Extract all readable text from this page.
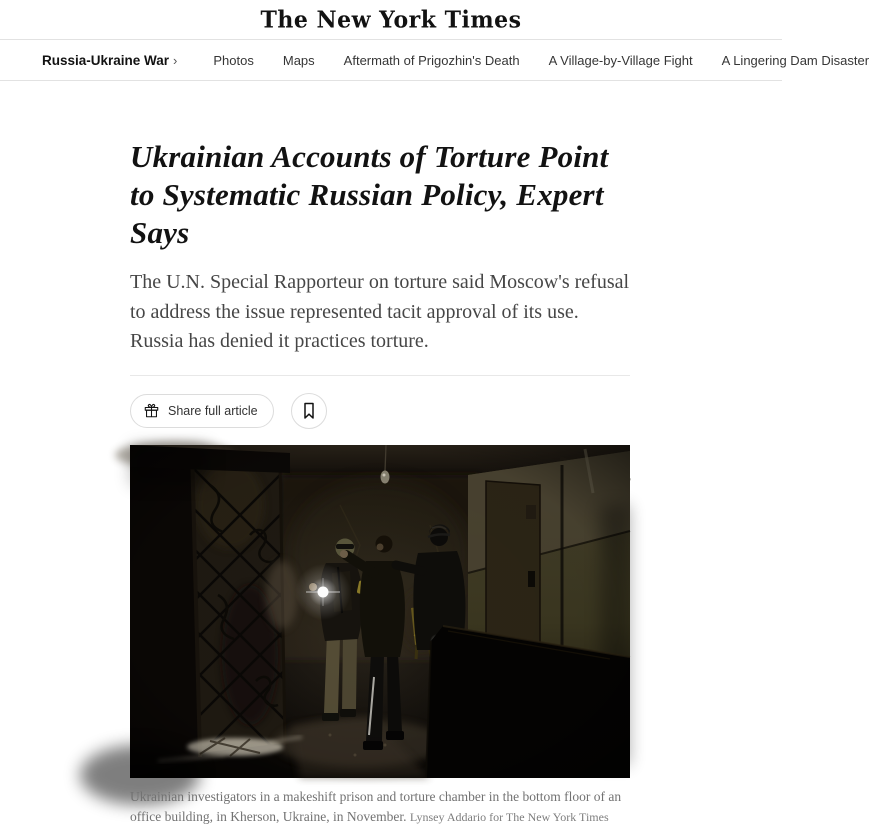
The New York Times
Russia-Ukraine War ›	Photos Maps Aftermath of Prigozhin's Death A Village-by-Village Fight A Lingering Dam Disaster
Ukrainian Accounts of Torture Point to Systematic Russian Policy, Expert Says

The U.N. Special Rapporteur on torture said Moscow's refusal to address the issue represented tacit approval of its use. Russia has denied it practices torture.

Share full article
Ukrainian investigators in a makeshift prison and torture chamber in the bottom floor of an office building, in Kherson, Ukraine, in November. Lynsey Addario for The New York Times
